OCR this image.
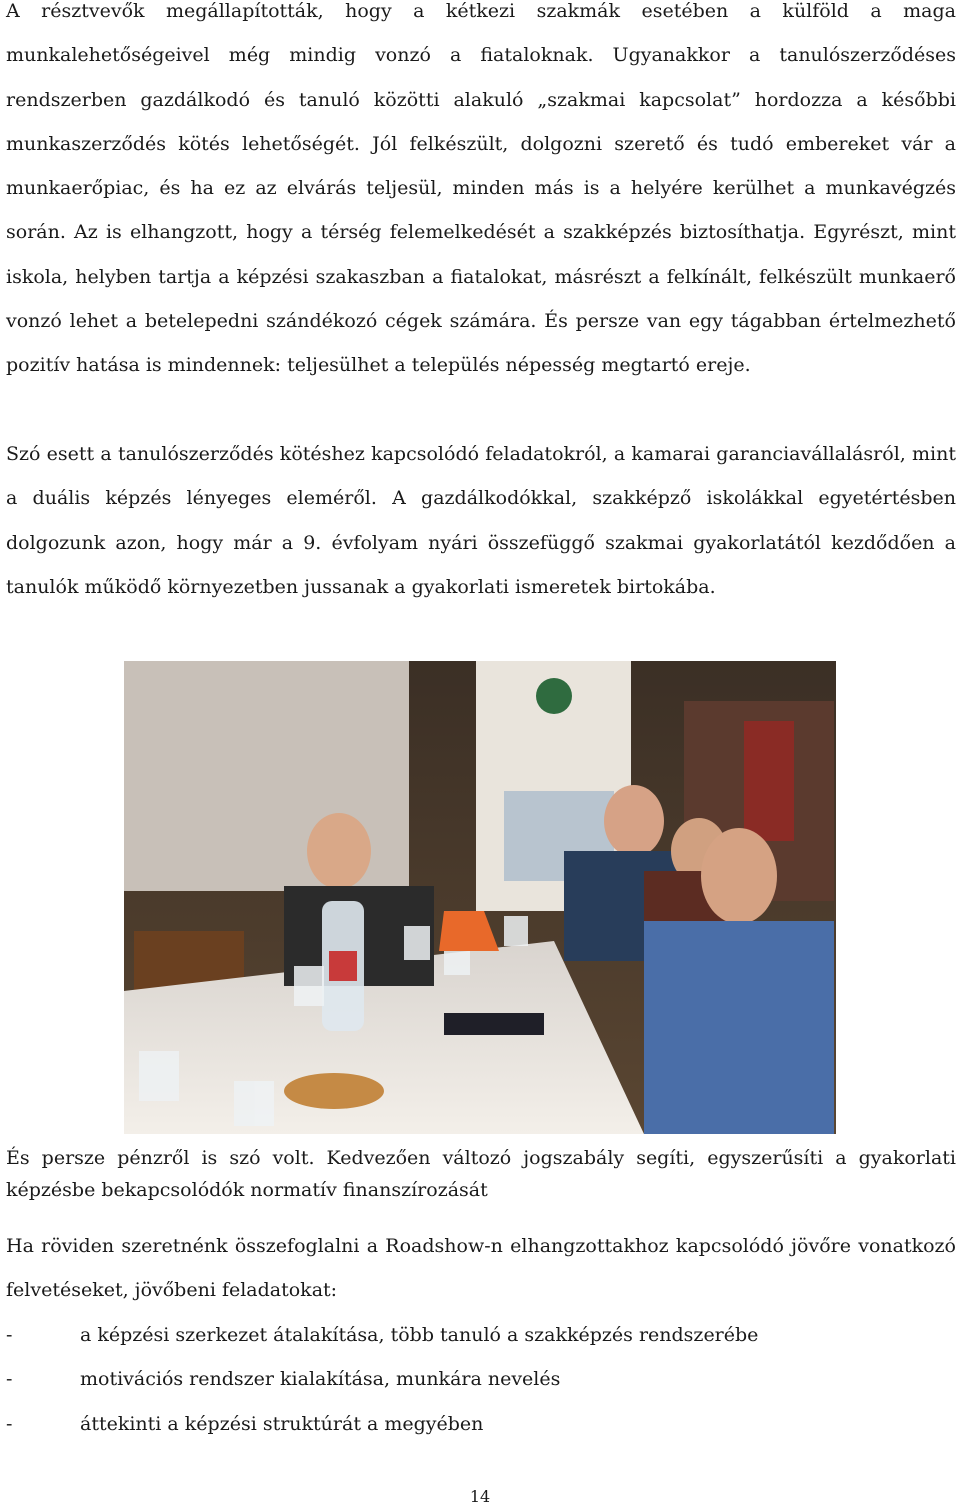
A résztvevők megállapították, hogy a kétkezi szakmák esetében a külföld a maga munkalehetőségeivel még mindig vonzó a fiataloknak. Ugyanakkor a tanulószerződéses rendszerben gazdálkodó és tanuló közötti alakuló „szakmai kapcsolat” hordozza a későbbi munkaszerződés kötés lehetőségét. Jól felkészült, dolgozni szerető és tudó embereket vár a munkaerőpiac, és ha ez az elvárás teljesül, minden más is a helyére kerülhet a munkavégzés során. Az is elhangzott, hogy a térség felemelkedését a szakképzés biztosíthatja. Egyrészt, mint iskola, helyben tartja a képzési szakaszban a fiatalokat, másrészt a felkínált, felkészült munkaerő vonzó lehet a betelepedni szándékozó cégek számára. És persze van egy tágabban értelmezhető pozitív hatása is mindennek: teljesülhet a település népesség megtartó ereje.

Szó esett a tanulószerződés kötéshez kapcsolódó feladatokról, a kamarai garanciavállalásról, mint a duális képzés lényeges eleméről. A gazdálkodókkal, szakképző iskolákkal egyetértésben dolgozunk azon, hogy már a 9. évfolyam nyári összefüggő szakmai gyakorlatától kezdődően a tanulók működő környezetben jussanak a gyakorlati ismeretek birtokába.

És persze pénzről is szó volt. Kedvezően változó jogszabály segíti, egyszerűsíti a gyakorlati képzésbe bekapcsolódók normatív finanszírozását

Ha röviden szeretnénk összefoglalni a Roadshow-n elhangzottakhoz kapcsolódó jövőre vonatkozó felvetéseket, jövőbeni feladatokat:

-	a képzési szerkezet átalakítása, több tanuló a szakképzés rendszerébe
-	motivációs rendszer kialakítása, munkára nevelés
-	áttekinti a képzési struktúrát a megyében
14
